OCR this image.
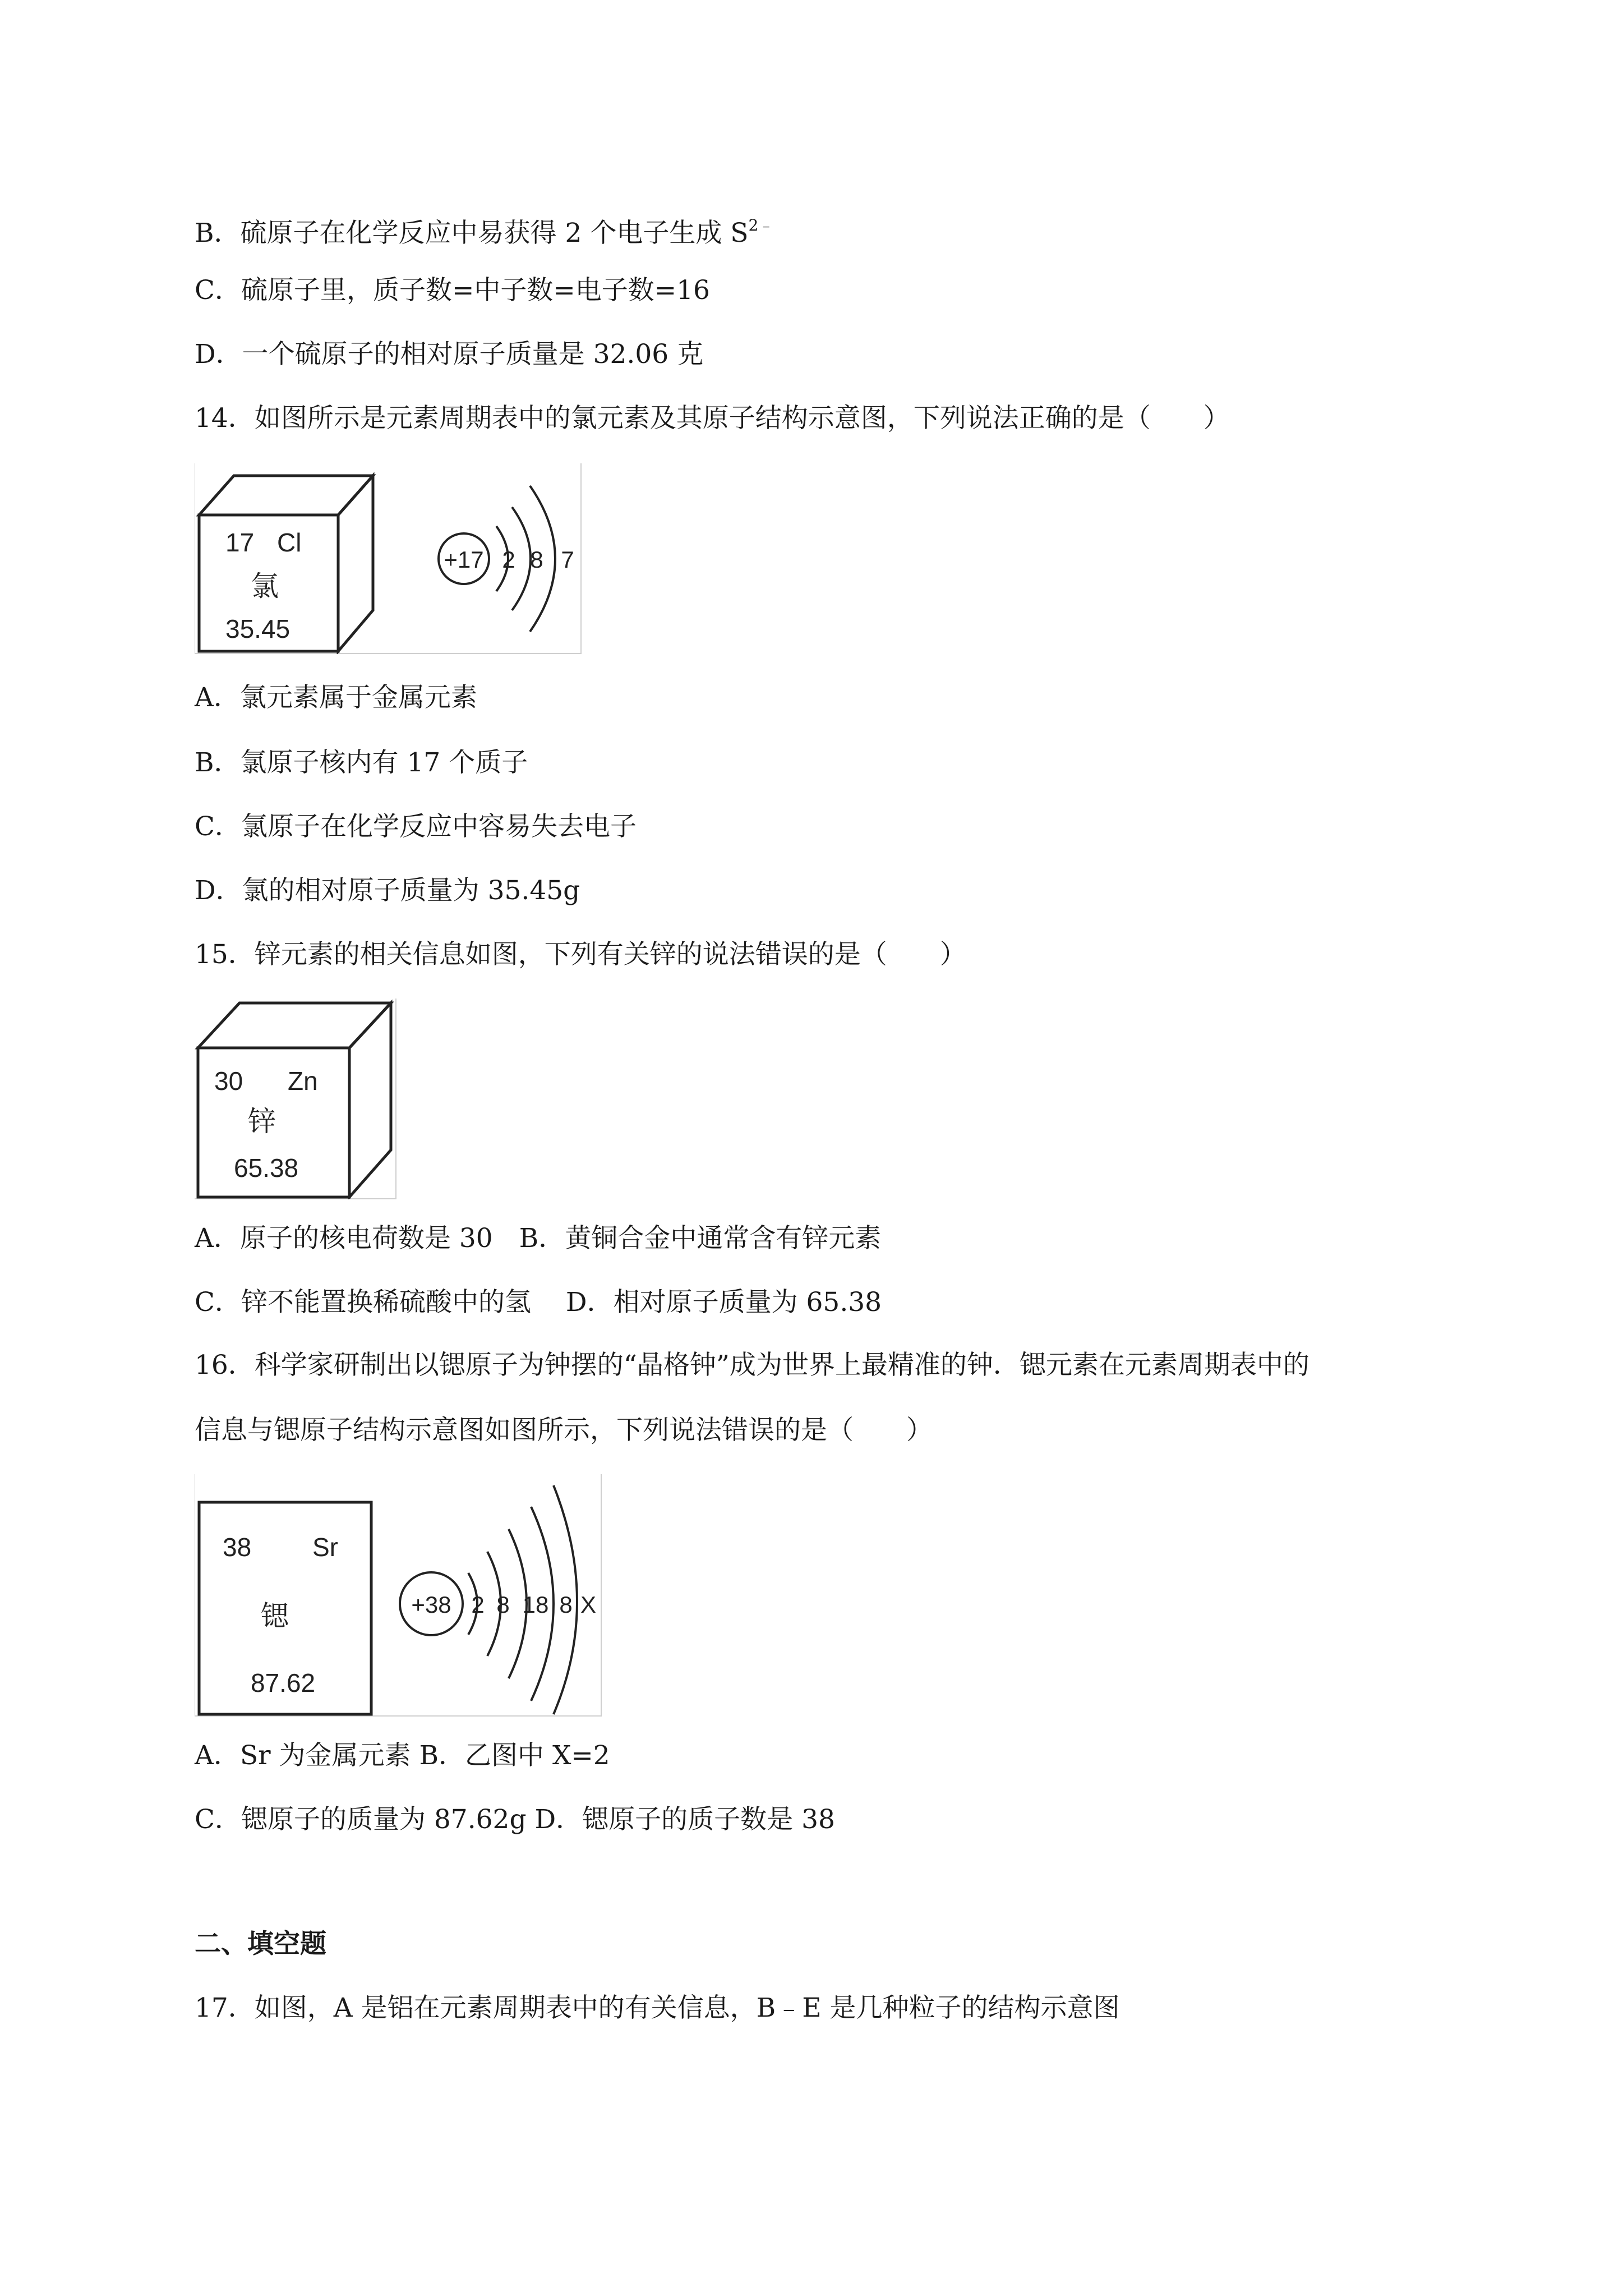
B．硫原子在化学反应中易获得 2 个电子生成 $S^{2﹣}$
C．硫原子里，质子数=中子数=电子数=16
D．一个硫原子的相对原子质量是 32.06 克
14．如图所示是元素周期表中的氯元素及其原子结构示意图，下列说法正确的是（　　）
17 Cl
氯
35.45
+17 2 8 7
A．氯元素属于金属元素
B．氯原子核内有 17 个质子
C．氯原子在化学反应中容易失去电子
D．氯的相对原子质量为 35.45g
15．锌元素的相关信息如图，下列有关锌的说法错误的是（　　）
30 Zn
锌
65.38
A．原子的核电荷数是 30　B．黄铜合金中通常含有锌元素
C．锌不能置换稀硫酸中的氢　 D．相对原子质量为 65.38
16．科学家研制出以锶原子为钟摆的“晶格钟”成为世界上最精准的钟．锶元素在元素周期表中的
信息与锶原子结构示意图如图所示，下列说法错误的是（　　）
38 Sr
锶
87.62
+38 2 8 18 8 X
A．Sr 为金属元素 B．乙图中 X=2
C．锶原子的质量为 87.62g D．锶原子的质子数是 38
二、填空题
17．如图，A 是铝在元素周期表中的有关信息，B﹣E 是几种粒子的结构示意图
